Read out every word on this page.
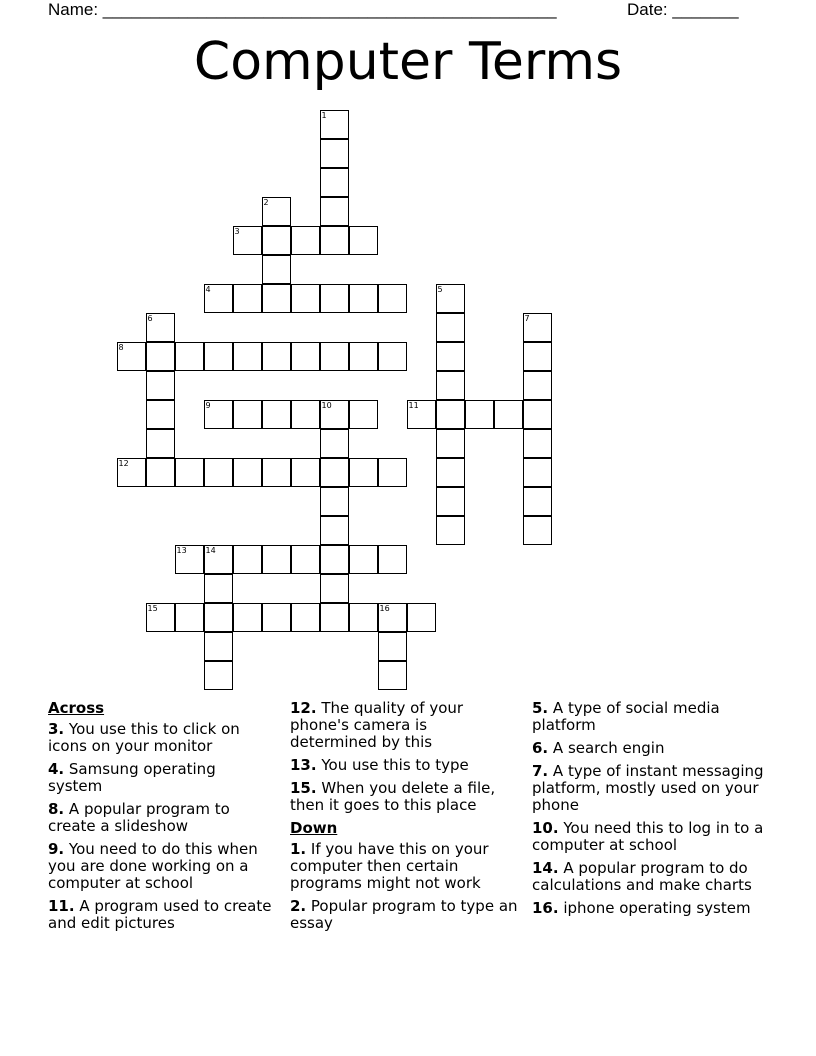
Name: ________________________________________________	Date: _______
Computer Terms
1
2
3
4	5
6	7
8
9	10	11
12
13 14
15	16
Across
3. You use this to click on icons on your monitor
4. Samsung operating system
8. A popular program to create a slideshow
9. You need to do this when you are done working on a computer at school
11. A program used to create and edit pictures
12. The quality of your phone's camera is determined by this
13. You use this to type
15. When you delete a file, then it goes to this place
Down
1. If you have this on your computer then certain programs might not work
2. Popular program to type an essay
5. A type of social media platform
6. A search engin
7. A type of instant messaging platform, mostly used on your phone
10. You need this to log in to a computer at school
14. A popular program to do calculations and make charts
16. iphone operating system
